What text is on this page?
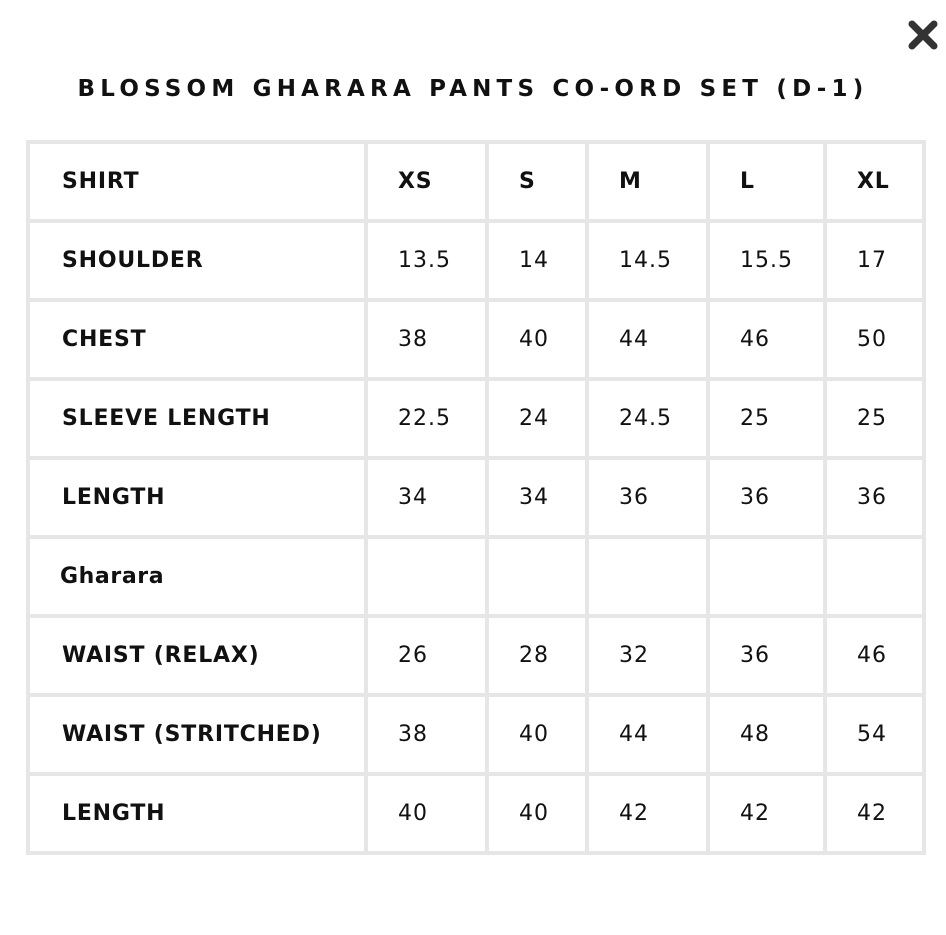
BLOSSOM GHARARA PANTS CO-ORD SET (D-1)
SHIRT	XS	S	M	L	XL
SHOULDER	13.5	14	14.5	15.5	17
CHEST	38	40	44	46	50
SLEEVE LENGTH	22.5	24	24.5	25	25
LENGTH	34	34	36	36	36
Gharara					
WAIST (RELAX)	26	28	32	36	46
WAIST (STRITCHED)	38	40	44	48	54
LENGTH	40	40	42	42	42
